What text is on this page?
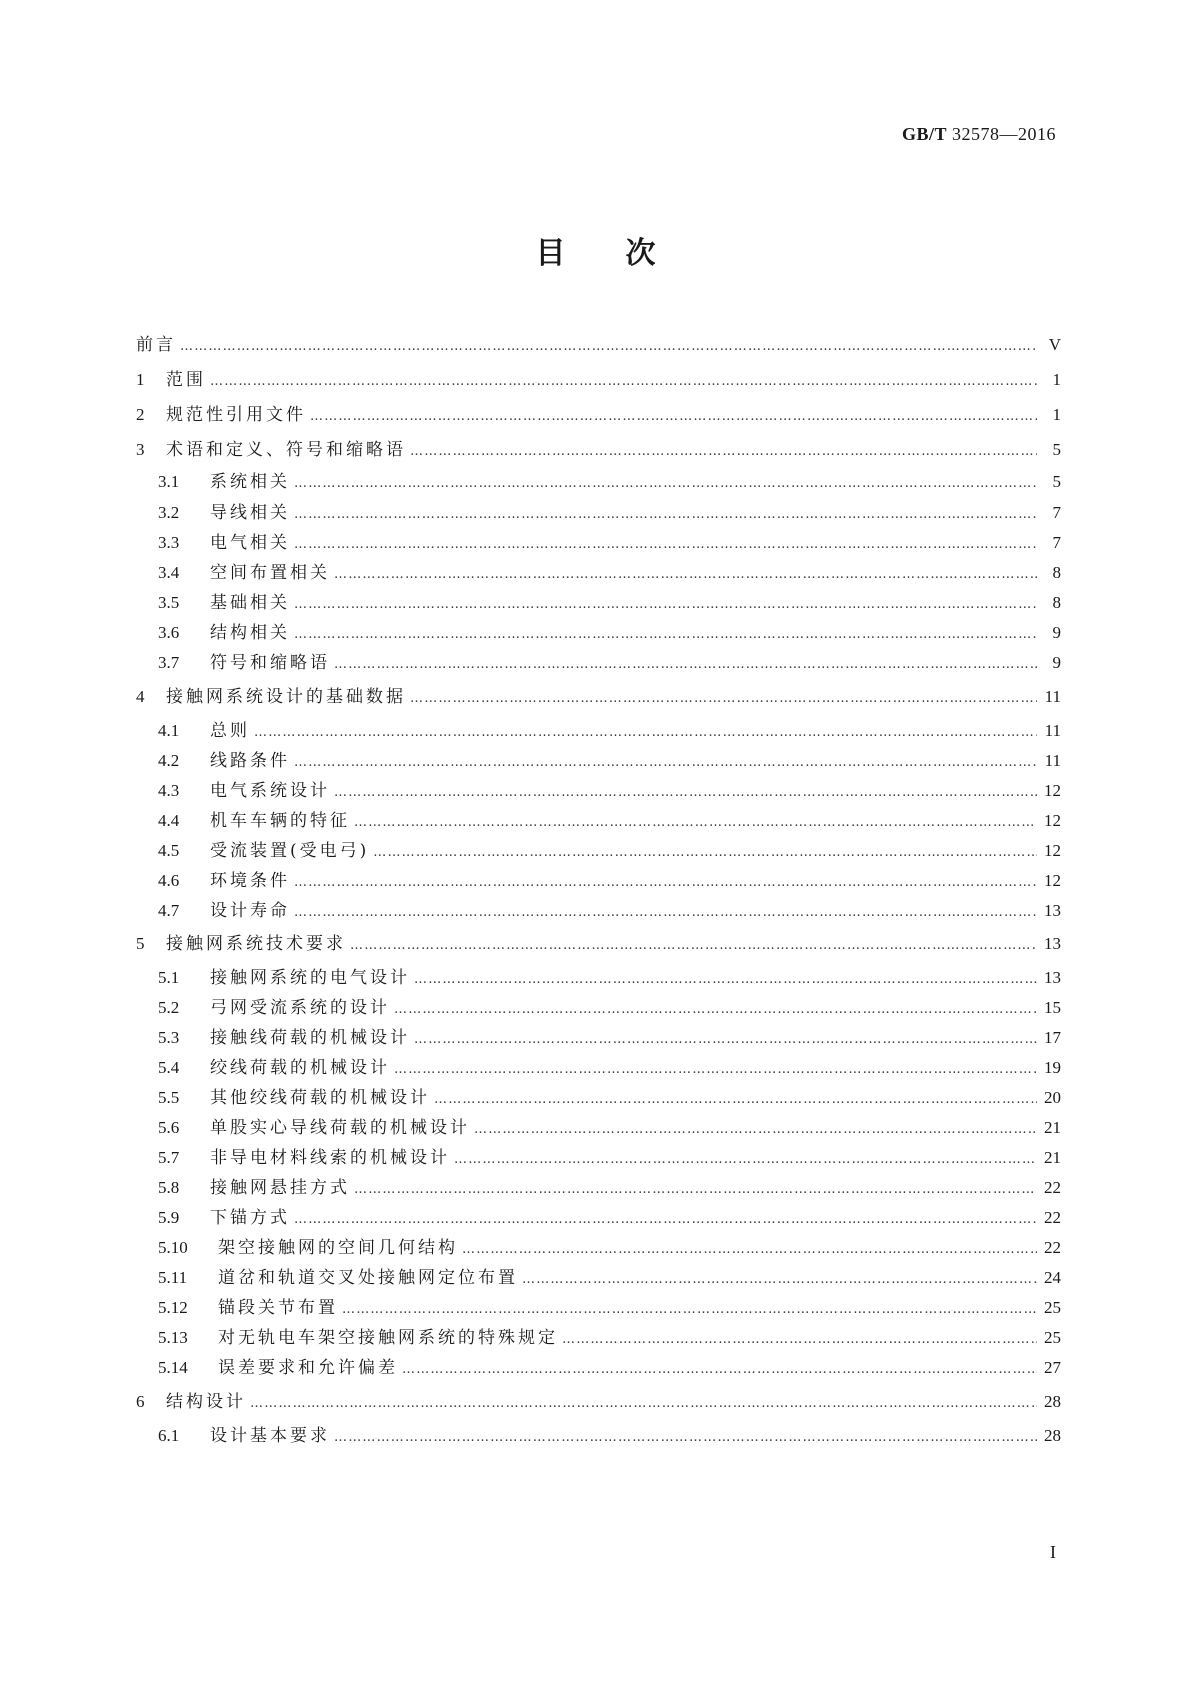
GB/T 32578—2016
目次
前言 …………………………………………………………………………………………………………………………………………………………………………………………………………………………………………	V
1	范围 …………………………………………………………………………………………………………………………………………………………………………………………………………………………………………	1
2	规范性引用文件 …………………………………………………………………………………………………………………………………………………………………………………………………………………………………………	1
3	术语和定义、符号和缩略语 …………………………………………………………………………………………………………………………………………………………………………………………………………………………………………	5
3.1	系统相关 …………………………………………………………………………………………………………………………………………………………………………………………………………………………………………	5
3.2	导线相关 …………………………………………………………………………………………………………………………………………………………………………………………………………………………………………	7
3.3	电气相关 …………………………………………………………………………………………………………………………………………………………………………………………………………………………………………	7
3.4	空间布置相关 …………………………………………………………………………………………………………………………………………………………………………………………………………………………………………	8
3.5	基础相关 …………………………………………………………………………………………………………………………………………………………………………………………………………………………………………	8
3.6	结构相关 …………………………………………………………………………………………………………………………………………………………………………………………………………………………………………	9
3.7	符号和缩略语 …………………………………………………………………………………………………………………………………………………………………………………………………………………………………………	9
4	接触网系统设计的基础数据 …………………………………………………………………………………………………………………………………………………………………………………………………………………………………………	11
4.1	总则 …………………………………………………………………………………………………………………………………………………………………………………………………………………………………………	11
4.2	线路条件 …………………………………………………………………………………………………………………………………………………………………………………………………………………………………………	11
4.3	电气系统设计 …………………………………………………………………………………………………………………………………………………………………………………………………………………………………………	12
4.4	机车车辆的特征 …………………………………………………………………………………………………………………………………………………………………………………………………………………………………………	12
4.5	受流装置(受电弓) …………………………………………………………………………………………………………………………………………………………………………………………………………………………………………	12
4.6	环境条件 …………………………………………………………………………………………………………………………………………………………………………………………………………………………………………	12
4.7	设计寿命 …………………………………………………………………………………………………………………………………………………………………………………………………………………………………………	13
5	接触网系统技术要求 …………………………………………………………………………………………………………………………………………………………………………………………………………………………………………	13
5.1	接触网系统的电气设计 …………………………………………………………………………………………………………………………………………………………………………………………………………………………………………	13
5.2	弓网受流系统的设计 …………………………………………………………………………………………………………………………………………………………………………………………………………………………………………	15
5.3	接触线荷载的机械设计 …………………………………………………………………………………………………………………………………………………………………………………………………………………………………………	17
5.4	绞线荷载的机械设计 …………………………………………………………………………………………………………………………………………………………………………………………………………………………………………	19
5.5	其他绞线荷载的机械设计 …………………………………………………………………………………………………………………………………………………………………………………………………………………………………………	20
5.6	单股实心导线荷载的机械设计 …………………………………………………………………………………………………………………………………………………………………………………………………………………………………………	21
5.7	非导电材料线索的机械设计 …………………………………………………………………………………………………………………………………………………………………………………………………………………………………………	21
5.8	接触网悬挂方式 …………………………………………………………………………………………………………………………………………………………………………………………………………………………………………	22
5.9	下锚方式 …………………………………………………………………………………………………………………………………………………………………………………………………………………………………………	22
5.10	架空接触网的空间几何结构 …………………………………………………………………………………………………………………………………………………………………………………………………………………………………………	22
5.11	道岔和轨道交叉处接触网定位布置 …………………………………………………………………………………………………………………………………………………………………………………………………………………………………………	24
5.12	锚段关节布置 …………………………………………………………………………………………………………………………………………………………………………………………………………………………………………	25
5.13	对无轨电车架空接触网系统的特殊规定 …………………………………………………………………………………………………………………………………………………………………………………………………………………………………………	25
5.14	误差要求和允许偏差 …………………………………………………………………………………………………………………………………………………………………………………………………………………………………………	27
6	结构设计 …………………………………………………………………………………………………………………………………………………………………………………………………………………………………………	28
6.1	设计基本要求 …………………………………………………………………………………………………………………………………………………………………………………………………………………………………………	28
I
